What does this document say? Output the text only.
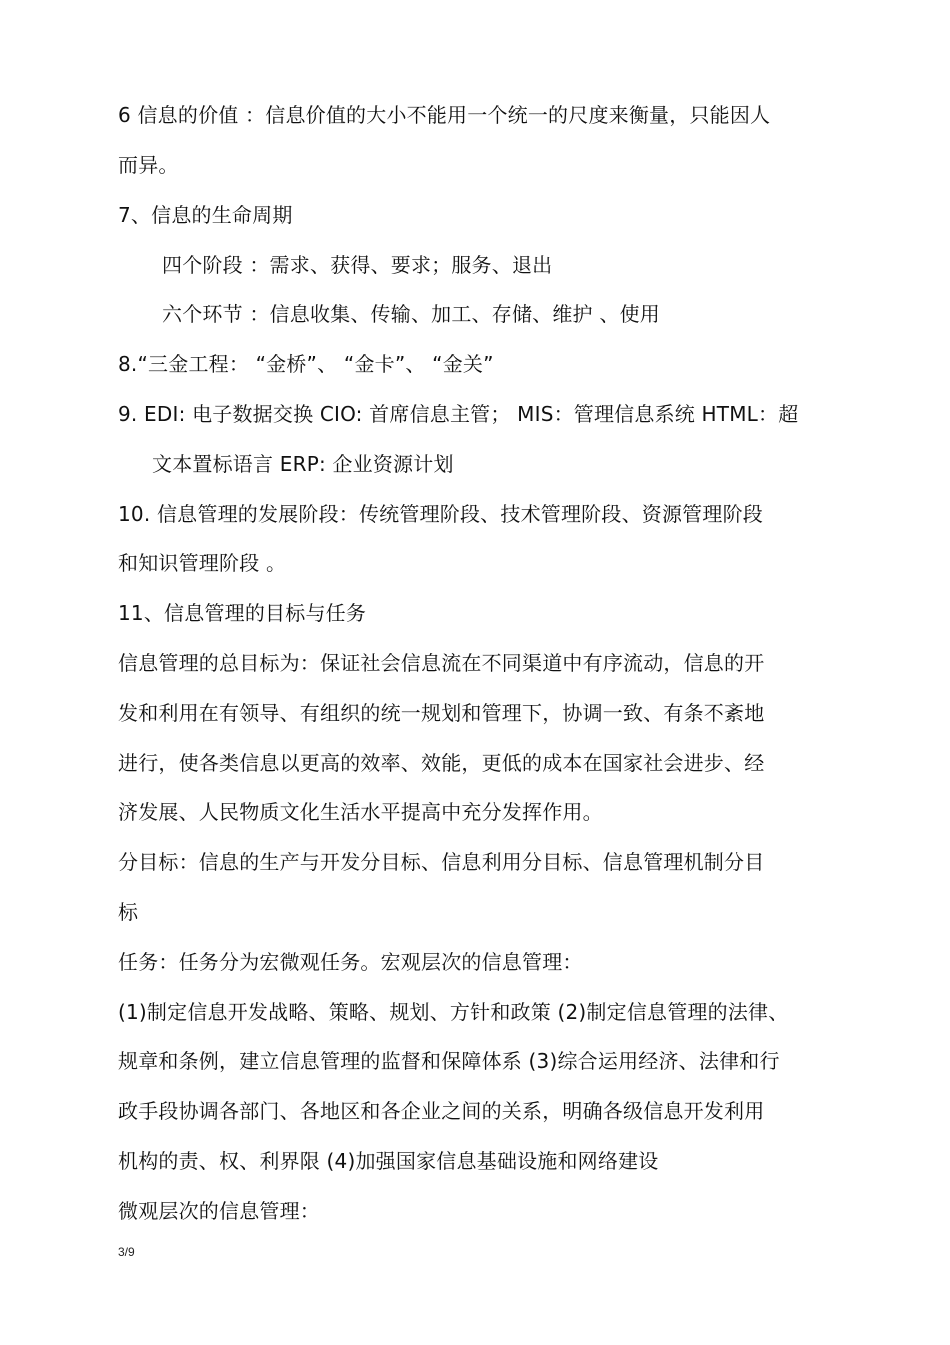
6 信息的价值 ：信息价值的大小不能用一个统一的尺度来衡量，只能因人
而异。
7、信息的生命周期
四个阶段 ：需求、获得、要求；服务、退出
六个环节 ：信息收集、传输、加工、存储、维护 、使用
8.“三金工程： “金桥”、 “金卡”、 “金关”
9. EDI: 电子数据交换 CIO: 首席信息主管； MIS：管理信息系统 HTML：超
文本置标语言 ERP: 企业资源计划
10. 信息管理的发展阶段：传统管理阶段、技术管理阶段、资源管理阶段
和知识管理阶段 。
11、信息管理的目标与任务
信息管理的总目标为：保证社会信息流在不同渠道中有序流动，信息的开
发和利用在有领导、有组织的统一规划和管理下，协调一致、有条不紊地
进行，使各类信息以更高的效率、效能，更低的成本在国家社会进步、经
济发展、人民物质文化生活水平提高中充分发挥作用。
分目标：信息的生产与开发分目标、信息利用分目标、信息管理机制分目
标
任务：任务分为宏微观任务。宏观层次的信息管理：
(1)制定信息开发战略、策略、规划、方针和政策 (2)制定信息管理的法律、
规章和条例，建立信息管理的监督和保障体系 (3)综合运用经济、法律和行
政手段协调各部门、各地区和各企业之间的关系，明确各级信息开发利用
机构的责、权、利界限 (4)加强国家信息基础设施和网络建设
微观层次的信息管理：
3/9
